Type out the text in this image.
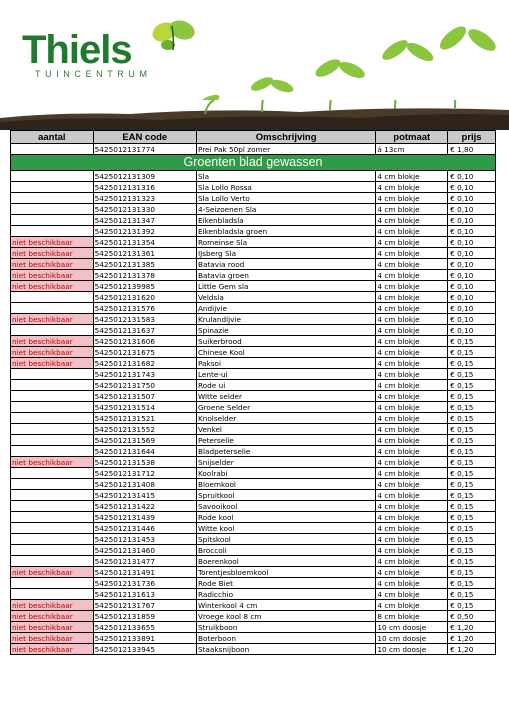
Thiels
TUINCENTRUM
aantal	EAN code	Omschrijving	potmaat	prijs
	5425012131774	Prei Pak 50pl zomer	á 13cm	€ 1,80
Groenten blad gewassen				
	5425012131309	Sla	4 cm blokje	€ 0,10
	5425012131316	Sla Lollo Rossa	4 cm blokje	€ 0,10
	5425012131323	Sla Lollo Verto	4 cm blokje	€ 0,10
	5425012131330	4-Seizoenen Sla	4 cm blokje	€ 0,10
	5425012131347	Eikenbladsla	4 cm blokje	€ 0,10
	5425012131392	Eikenbladsla groen	4 cm blokje	€ 0,10
niet beschikbaar	5425012131354	Romeinse Sla	4 cm blokje	€ 0,10
niet beschikbaar	5425012131361	IJsberg Sla	4 cm blokje	€ 0,10
niet beschikbaar	5425012131385	Batavia rood	4 cm blokje	€ 0,10
niet beschikbaar	5425012131378	Batavia groen	4 cm blokje	€ 0,10
niet beschikbaar	5425012139985	Little Gem sla	4 cm blokje	€ 0,10
	5425012131620	Veldsla	4 cm blokje	€ 0,10
	5425012131576	Andijvie	4 cm blokje	€ 0,10
niet beschikbaar	5425012131583	Krulandijvie	4 cm blokje	€ 0,10
	5425012131637	Spinazie	4 cm blokje	€ 0,10
niet beschikbaar	5425012131606	Suikerbrood	4 cm blokje	€ 0,15
niet beschikbaar	5425012131675	Chinese Kool	4 cm blokje	€ 0,15
niet beschikbaar	5425012131682	Paksoi	4 cm blokje	€ 0,15
	5425012131743	Lente-ui	4 cm blokje	€ 0,15
	5425012131750	Rode ui	4 cm blokje	€ 0,15
	5425012131507	Witte selder	4 cm blokje	€ 0,15
	5425012131514	Groene Selder	4 cm blokje	€ 0,15
	5425012131521	Knolselder	4 cm blokje	€ 0,15
	5425012131552	Venkel	4 cm blokje	€ 0,15
	5425012131569	Peterselie	4 cm blokje	€ 0,15
	5425012131644	Bladpeterselie	4 cm blokje	€ 0,15
niet beschikbaar	5425012131538	Snijselder	4 cm blokje	€ 0,15
	5425012131712	Koolrabi	4 cm blokje	€ 0,15
	5425012131408	Bloemkool	4 cm blokje	€ 0,15
	5425012131415	Spruitkool	4 cm blokje	€ 0,15
	5425012131422	Savooikool	4 cm blokje	€ 0,15
	5425012131439	Rode kool	4 cm blokje	€ 0,15
	5425012131446	Witte kool	4 cm blokje	€ 0,15
	5425012131453	Spitskool	4 cm blokje	€ 0,15
	5425012131460	Broccoli	4 cm blokje	€ 0,15
	5425012131477	Boerenkool	4 cm blokje	€ 0,15
niet beschikbaar	5425012131491	Torentjesbloemkool	4 cm blokje	€ 0,15
	5425012131736	Rode Biet	4 cm blokje	€ 0,15
	5425012131613	Radicchio	4 cm blokje	€ 0,15
niet beschikbaar	5425012131767	Winterkool 4 cm	4 cm blokje	€ 0,15
niet beschikbaar	5425012131859	Vroege kool 8 cm	8 cm blokje	€ 0,50
niet beschikbaar	5425012133655	Struikboon	10 cm doosje	€ 1,20
niet beschikbaar	5425012133891	Boterboon	10 cm doosje	€ 1,20
niet beschikbaar	5425012133945	Staaksnijboon	10 cm doosje	€ 1,20
